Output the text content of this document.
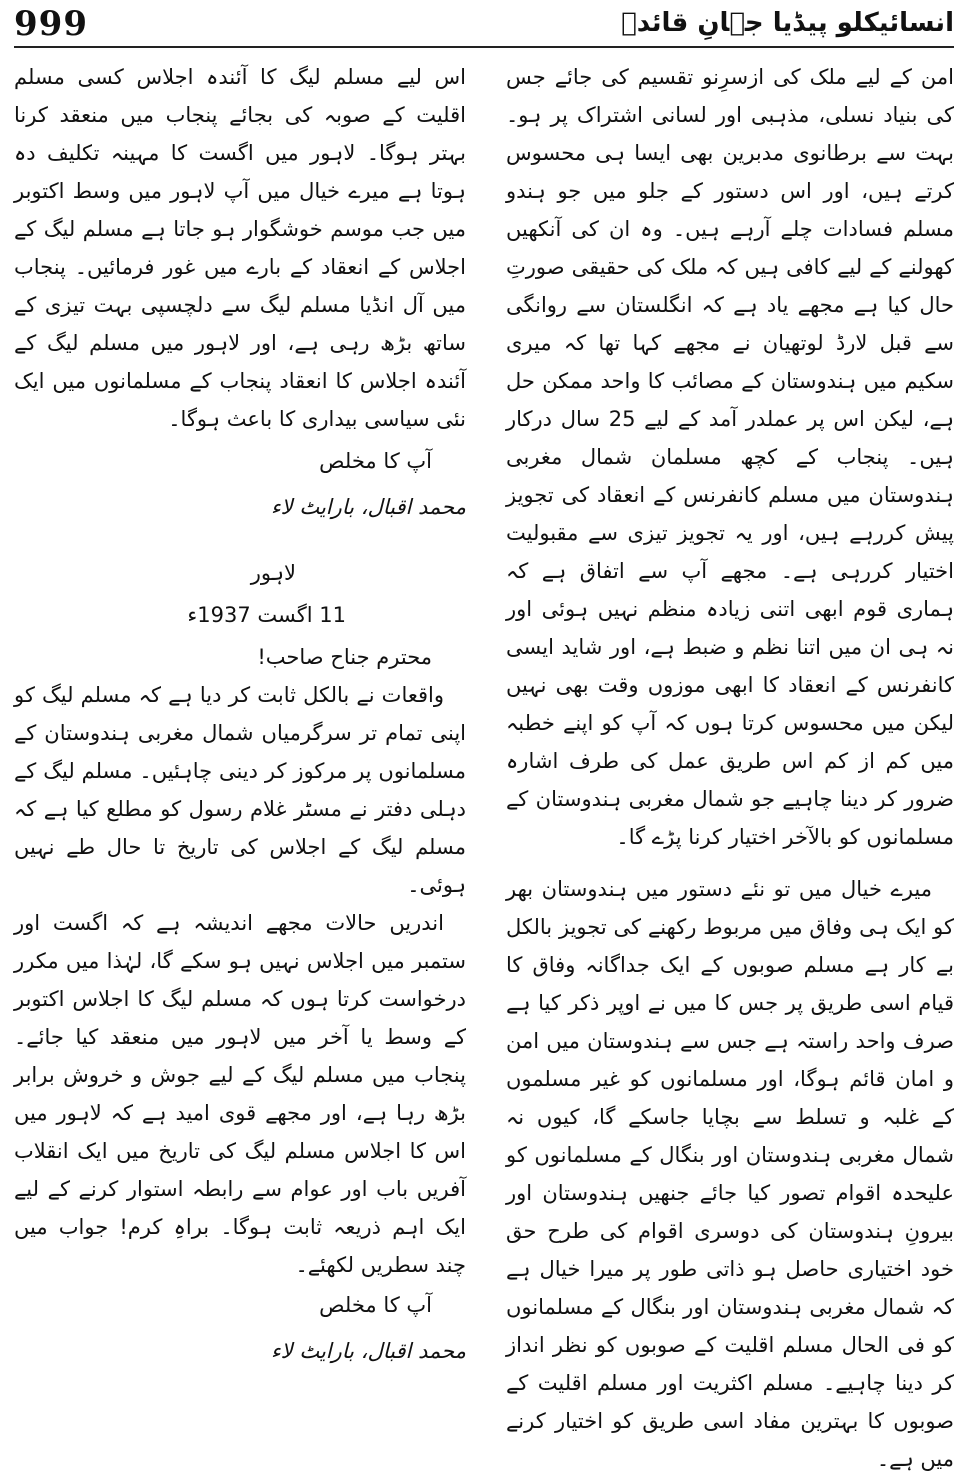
999	انسائیکلو پیڈیا جہانِ قائدؒ

امن کے لیے ملک کی ازسرِنو تقسیم کی جائے جس کی بنیاد نسلی، مذہبی اور لسانی اشتراک پر ہو۔ بہت سے برطانوی مدبرین بھی ایسا ہی محسوس کرتے ہیں، اور اس دستور کے جلو میں جو ہندو مسلم فسادات چلے آرہے ہیں۔ وہ ان کی آنکھیں کھولنے کے لیے کافی ہیں کہ ملک کی حقیقی صورتِ حال کیا ہے مجھے یاد ہے کہ انگلستان سے روانگی سے قبل لارڈ لوتھیان نے مجھے کہا تھا کہ میری سکیم میں ہندوستان کے مصائب کا واحد ممکن حل ہے، لیکن اس پر عملدر آمد کے لیے 25 سال درکار ہیں۔ پنجاب کے کچھ مسلمان شمال مغربی ہندوستان میں مسلم کانفرنس کے انعقاد کی تجویز پیش کررہے ہیں، اور یہ تجویز تیزی سے مقبولیت اختیار کررہی ہے۔ مجھے آپ سے اتفاق ہے کہ ہماری قوم ابھی اتنی زیادہ منظم نہیں ہوئی اور نہ ہی ان میں اتنا نظم و ضبط ہے، اور شاید ایسی کانفرنس کے انعقاد کا ابھی موزوں وقت بھی نہیں لیکن میں محسوس کرتا ہوں کہ آپ کو اپنے خطبہ میں کم از کم اس طریق عمل کی طرف اشارہ ضرور کر دینا چاہیے جو شمال مغربی ہندوستان کے مسلمانوں کو بالآخر اختیار کرنا پڑے گا۔

میرے خیال میں تو نئے دستور میں ہندوستان بھر کو ایک ہی وفاق میں مربوط رکھنے کی تجویز بالکل بے کار ہے مسلم صوبوں کے ایک جداگانہ وفاق کا قیام اسی طریق پر جس کا میں نے اوپر ذکر کیا ہے صرف واحد راستہ ہے جس سے ہندوستان میں امن و امان قائم ہوگا، اور مسلمانوں کو غیر مسلموں کے غلبہ و تسلط سے بچایا جاسکے گا، کیوں نہ شمال مغربی ہندوستان اور بنگال کے مسلمانوں کو علیحدہ اقوام تصور کیا جائے جنھیں ہندوستان اور بیرونِ ہندوستان کی دوسری اقوام کی طرح حق خود اختیاری حاصل ہو ذاتی طور پر میرا خیال ہے کہ شمال مغربی ہندوستان اور بنگال کے مسلمانوں کو فی الحال مسلم اقلیت کے صوبوں کو نظر انداز کر دینا چاہیے۔ مسلم اکثریت اور مسلم اقلیت کے صوبوں کا بہترین مفاد اسی طریق کو اختیار کرنے میں ہے۔

اس لیے مسلم لیگ کا آئندہ اجلاس کسی مسلم اقلیت کے صوبہ کی بجائے پنجاب میں منعقد کرنا بہتر ہوگا۔ لاہور میں اگست کا مہینہ تکلیف دہ ہوتا ہے میرے خیال میں آپ لاہور میں وسط اکتوبر میں جب موسم خوشگوار ہو جاتا ہے مسلم لیگ کے اجلاس کے انعقاد کے بارے میں غور فرمائیں۔ پنجاب میں آل انڈیا مسلم لیگ سے دلچسپی بہت تیزی کے ساتھ بڑھ رہی ہے، اور لاہور میں مسلم لیگ کے آئندہ اجلاس کا انعقاد پنجاب کے مسلمانوں میں ایک نئی سیاسی بیداری کا باعث ہوگا۔

آپ کا مخلص

محمد اقبال، بارایٹ لاء

لاہور

11 اگست 1937ء

محترم جناح صاحب!

واقعات نے بالکل ثابت کر دیا ہے کہ مسلم لیگ کو اپنی تمام تر سرگرمیاں شمال مغربی ہندوستان کے مسلمانوں پر مرکوز کر دینی چاہئیں۔ مسلم لیگ کے دہلی دفتر نے مسٹر غلام رسول کو مطلع کیا ہے کہ مسلم لیگ کے اجلاس کی تاریخ تا حال طے نہیں ہوئی۔

اندریں حالات مجھے اندیشہ ہے کہ اگست اور ستمبر میں اجلاس نہیں ہو سکے گا، لہٰذا میں مکرر درخواست کرتا ہوں کہ مسلم لیگ کا اجلاس اکتوبر کے وسط یا آخر میں لاہور میں منعقد کیا جائے۔ پنجاب میں مسلم لیگ کے لیے جوش و خروش برابر بڑھ رہا ہے، اور مجھے قوی امید ہے کہ لاہور میں اس کا اجلاس مسلم لیگ کی تاریخ میں ایک انقلاب آفریں باب اور عوام سے رابطہ استوار کرنے کے لیے ایک اہم ذریعہ ثابت ہوگا۔ براہِ کرم! جواب میں چند سطریں لکھئے۔

آپ کا مخلص

محمد اقبال، بارایٹ لاء
